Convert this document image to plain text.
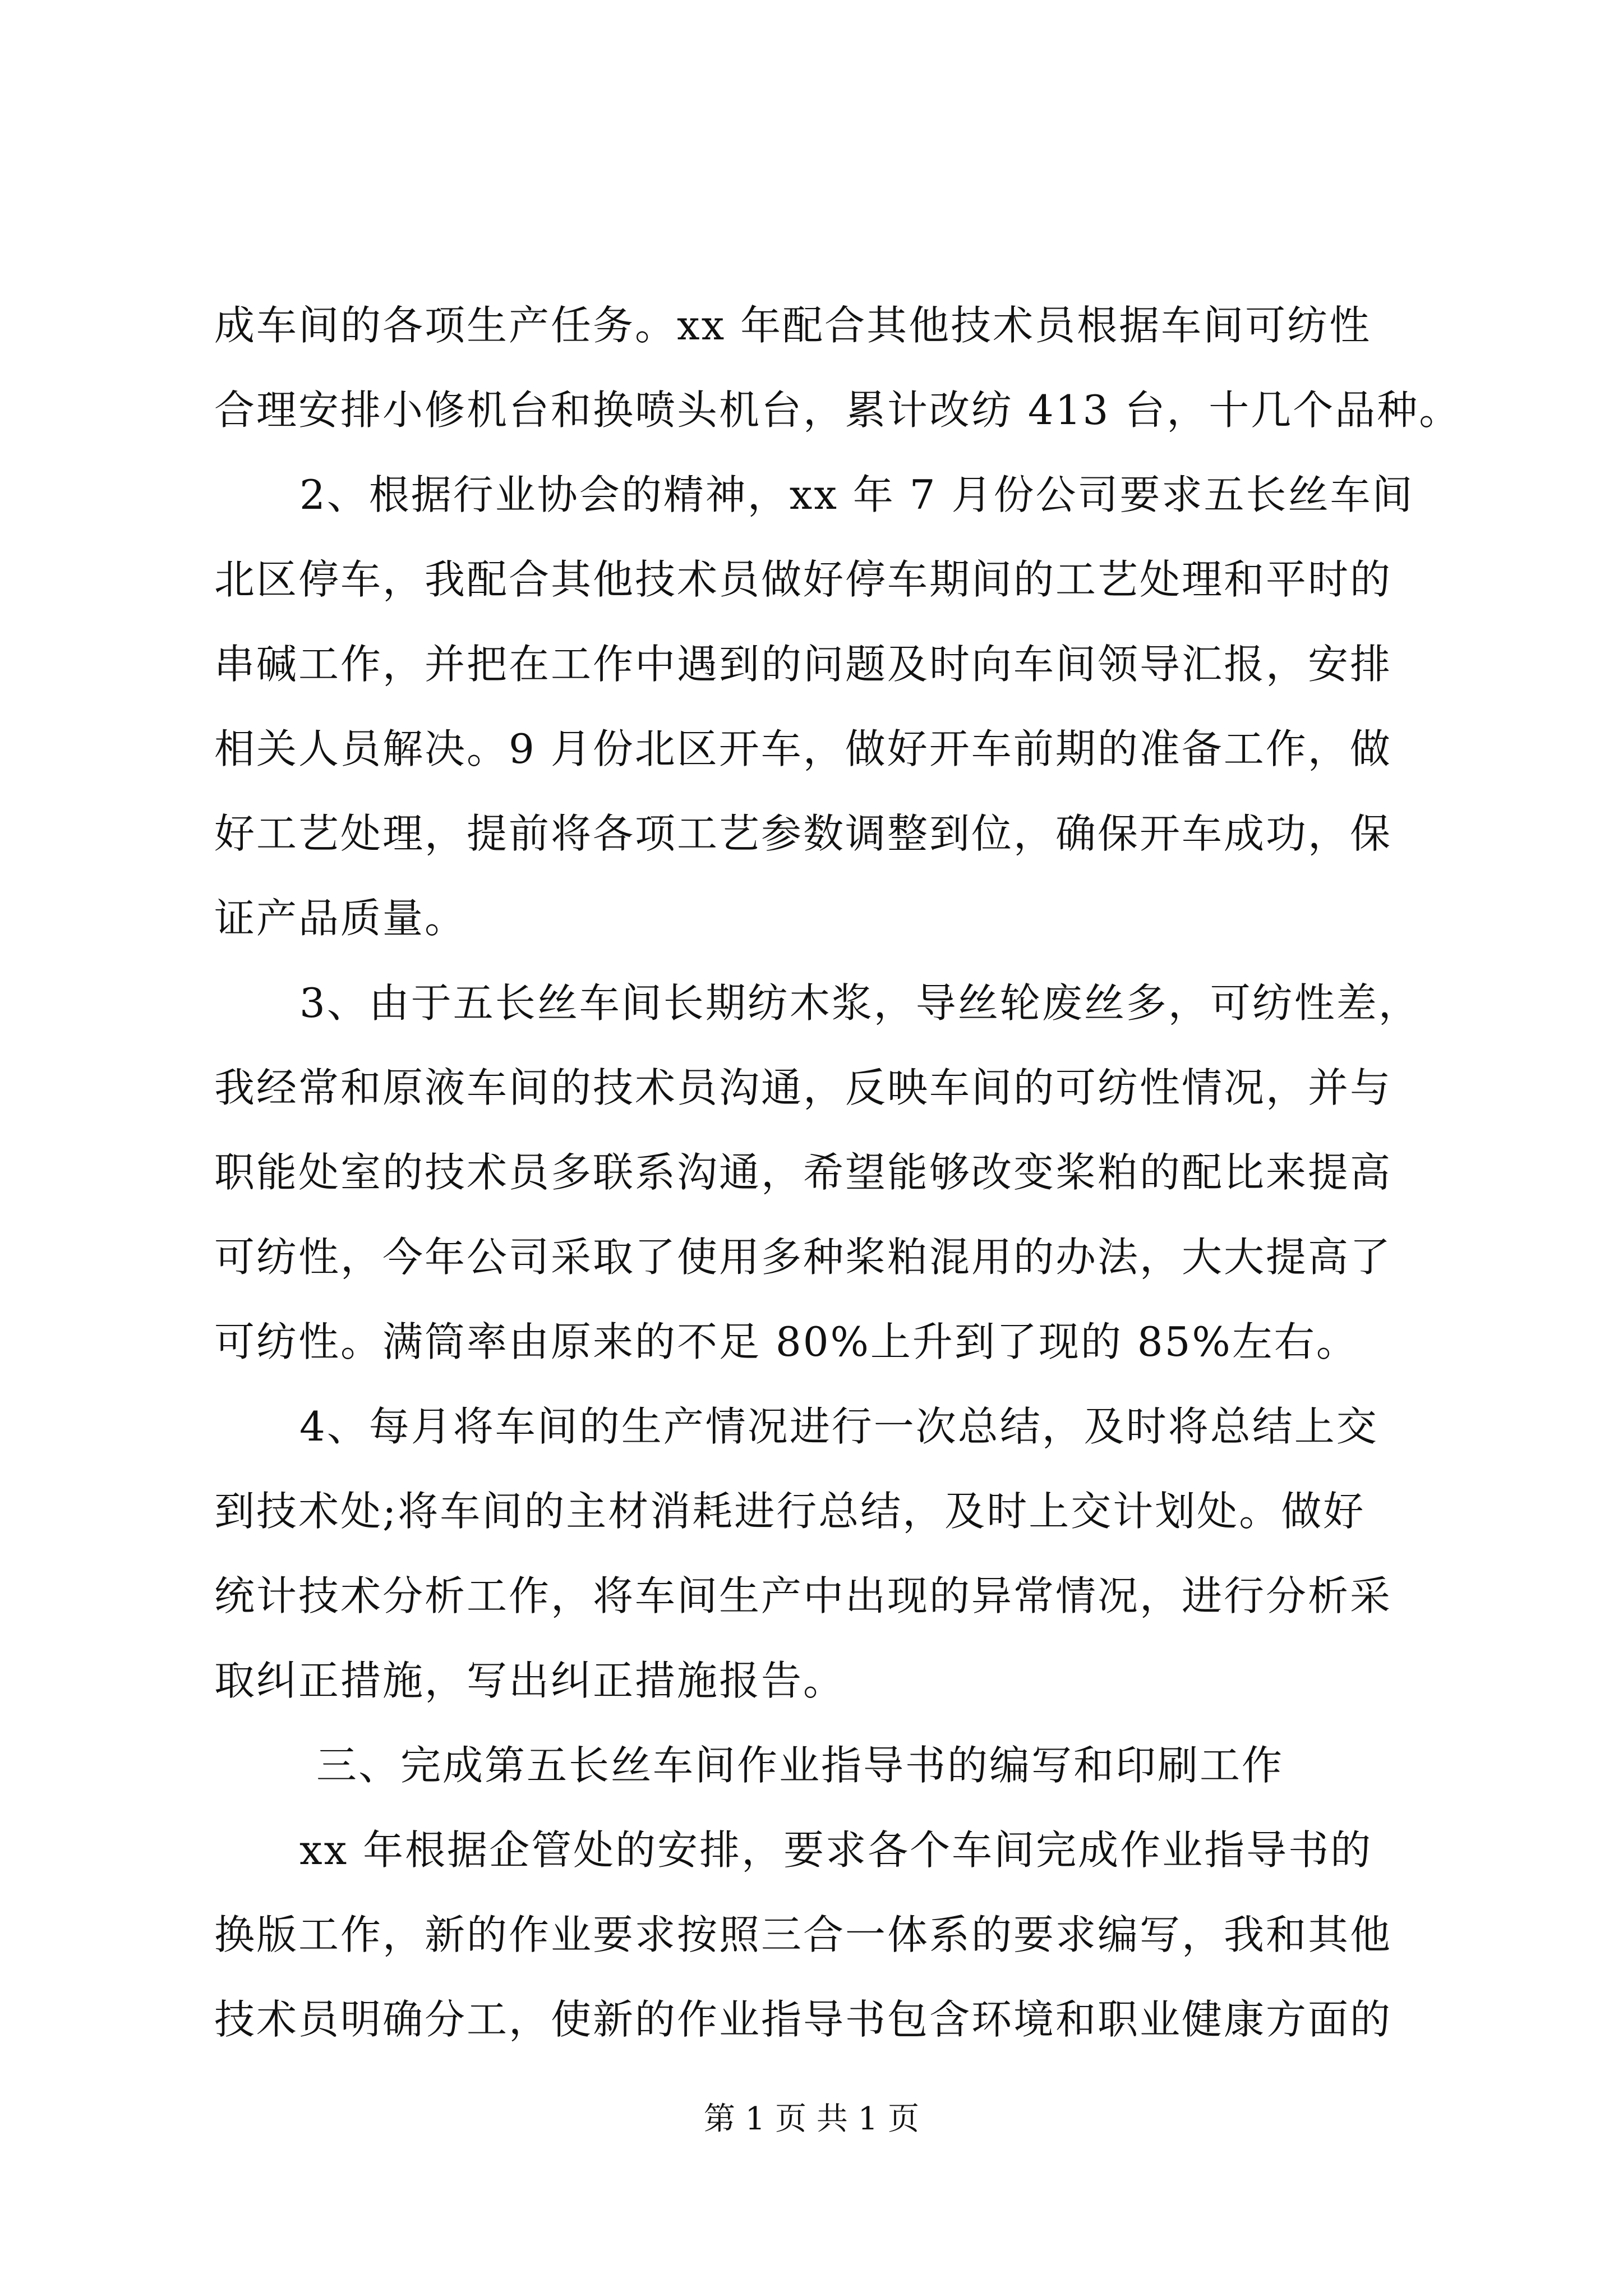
成车间的各项生产任务。xx 年配合其他技术员根据车间可纺性
合理安排小修机台和换喷头机台，累计改纺 413 台，十几个品种。
2、根据行业协会的精神，xx 年 7 月份公司要求五长丝车间
北区停车，我配合其他技术员做好停车期间的工艺处理和平时的
串碱工作，并把在工作中遇到的问题及时向车间领导汇报，安排
相关人员解决。9 月份北区开车，做好开车前期的准备工作，做
好工艺处理，提前将各项工艺参数调整到位，确保开车成功，保
证产品质量。
3、由于五长丝车间长期纺木浆，导丝轮废丝多，可纺性差，
我经常和原液车间的技术员沟通，反映车间的可纺性情况，并与
职能处室的技术员多联系沟通，希望能够改变桨粕的配比来提高
可纺性，今年公司采取了使用多种桨粕混用的办法，大大提高了
可纺性。满筒率由原来的不足 80%上升到了现的 85%左右。
4、每月将车间的生产情况进行一次总结，及时将总结上交
到技术处;将车间的主材消耗进行总结，及时上交计划处。做好
统计技术分析工作，将车间生产中出现的异常情况，进行分析采
取纠正措施，写出纠正措施报告。
三、完成第五长丝车间作业指导书的编写和印刷工作
xx 年根据企管处的安排，要求各个车间完成作业指导书的
换版工作，新的作业要求按照三合一体系的要求编写，我和其他
技术员明确分工，使新的作业指导书包含环境和职业健康方面的
第 1 页 共 1 页
